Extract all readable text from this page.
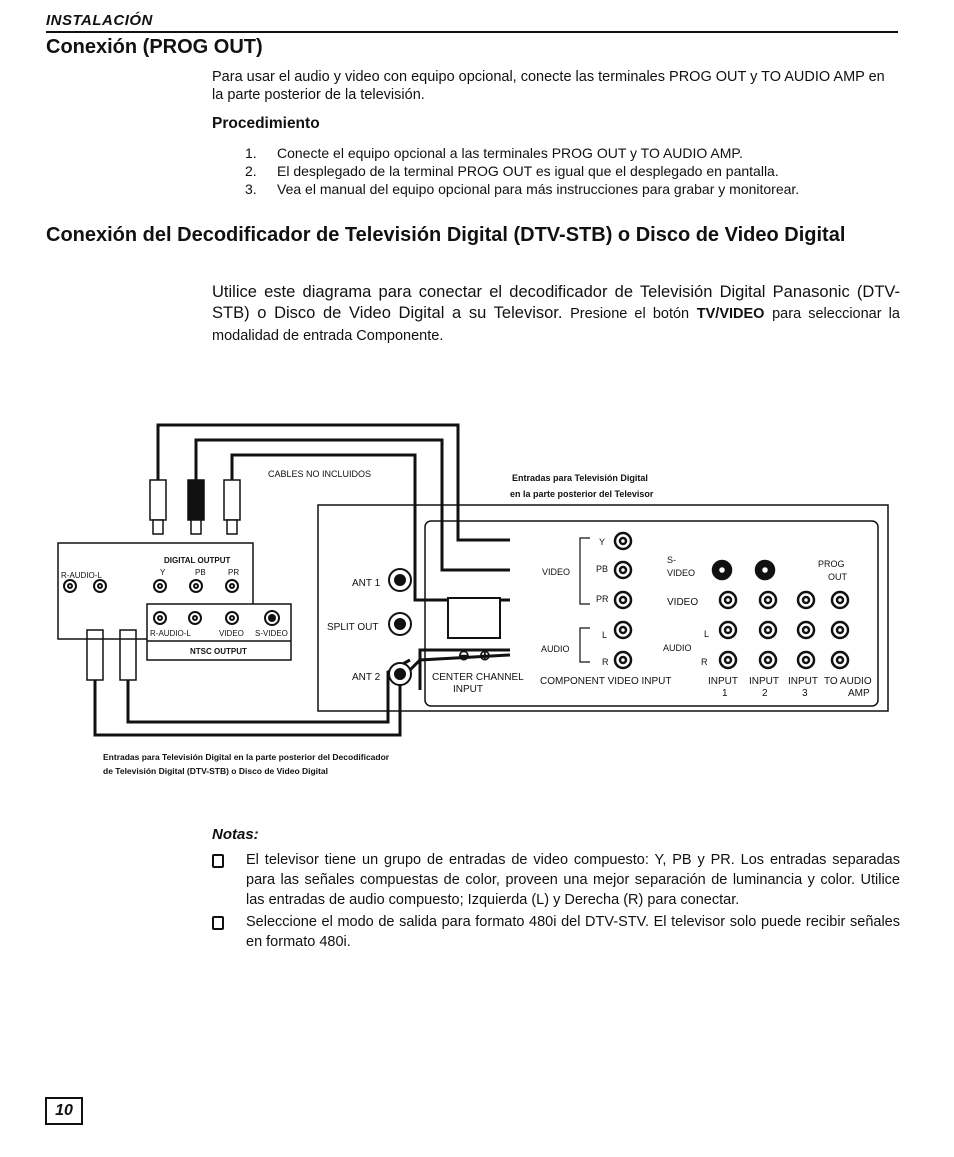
INSTALACIÓN
Conexión (PROG OUT)
Para usar el audio y video con equipo opcional, conecte las terminales PROG OUT y TO AUDIO AMP en la parte posterior de la televisión.
Procedimiento
1. Conecte el equipo opcional a las terminales PROG OUT y TO AUDIO AMP.
2. El desplegado de la terminal PROG OUT es igual que el desplegado en pantalla.
3. Vea el manual del equipo opcional para más instrucciones para grabar y monitorear.
Conexión del Decodificador de Televisión Digital (DTV-STB) o Disco de Video Digital
Utilice este diagrama para conectar el decodificador de Televisión Digital Panasonic (DTV-STB) o Disco de Video Digital a su Televisor. Presione el botón TV/VIDEO para seleccionar la modalidad de entrada Componente.
DIGITAL OUTPUT
R-AUDIO-L	Y	PB	PR
R-AUDIO-L	VIDEO S-VIDEO
NTSC OUTPUT
CABLES NO INCLUIDOS	Entradas para Televisión Digital
en la parte posterior del Televisor
ANT 1
SPLIT OUT
ANT 2
⊖ ⊕
CENTER CHANNEL
INPUT
Y
VIDEO	PB
PR
L
AUDIO
R
COMPONENT VIDEO INPUT
S-
VIDEO
VIDEO
AUDIO
L
R
PROG
OUT
INPUT
1
INPUT
2
INPUT
3
TO AUDIO
AMP
Entradas para Televisión Digital en la parte posterior del Decodificador
de Televisión Digital (DTV-STB) o Disco de Video Digital
Notas:
El televisor tiene un grupo de entradas de video compuesto: Y, PB y PR. Los entradas separadas para las señales compuestas de color, proveen una mejor separación de luminancia y color. Utilice las entradas de audio compuesto; Izquierda (L) y Derecha (R) para conectar.
Seleccione el modo de salida para formato 480i del DTV-STV. El televisor solo puede recibir señales en formato 480i.
10
